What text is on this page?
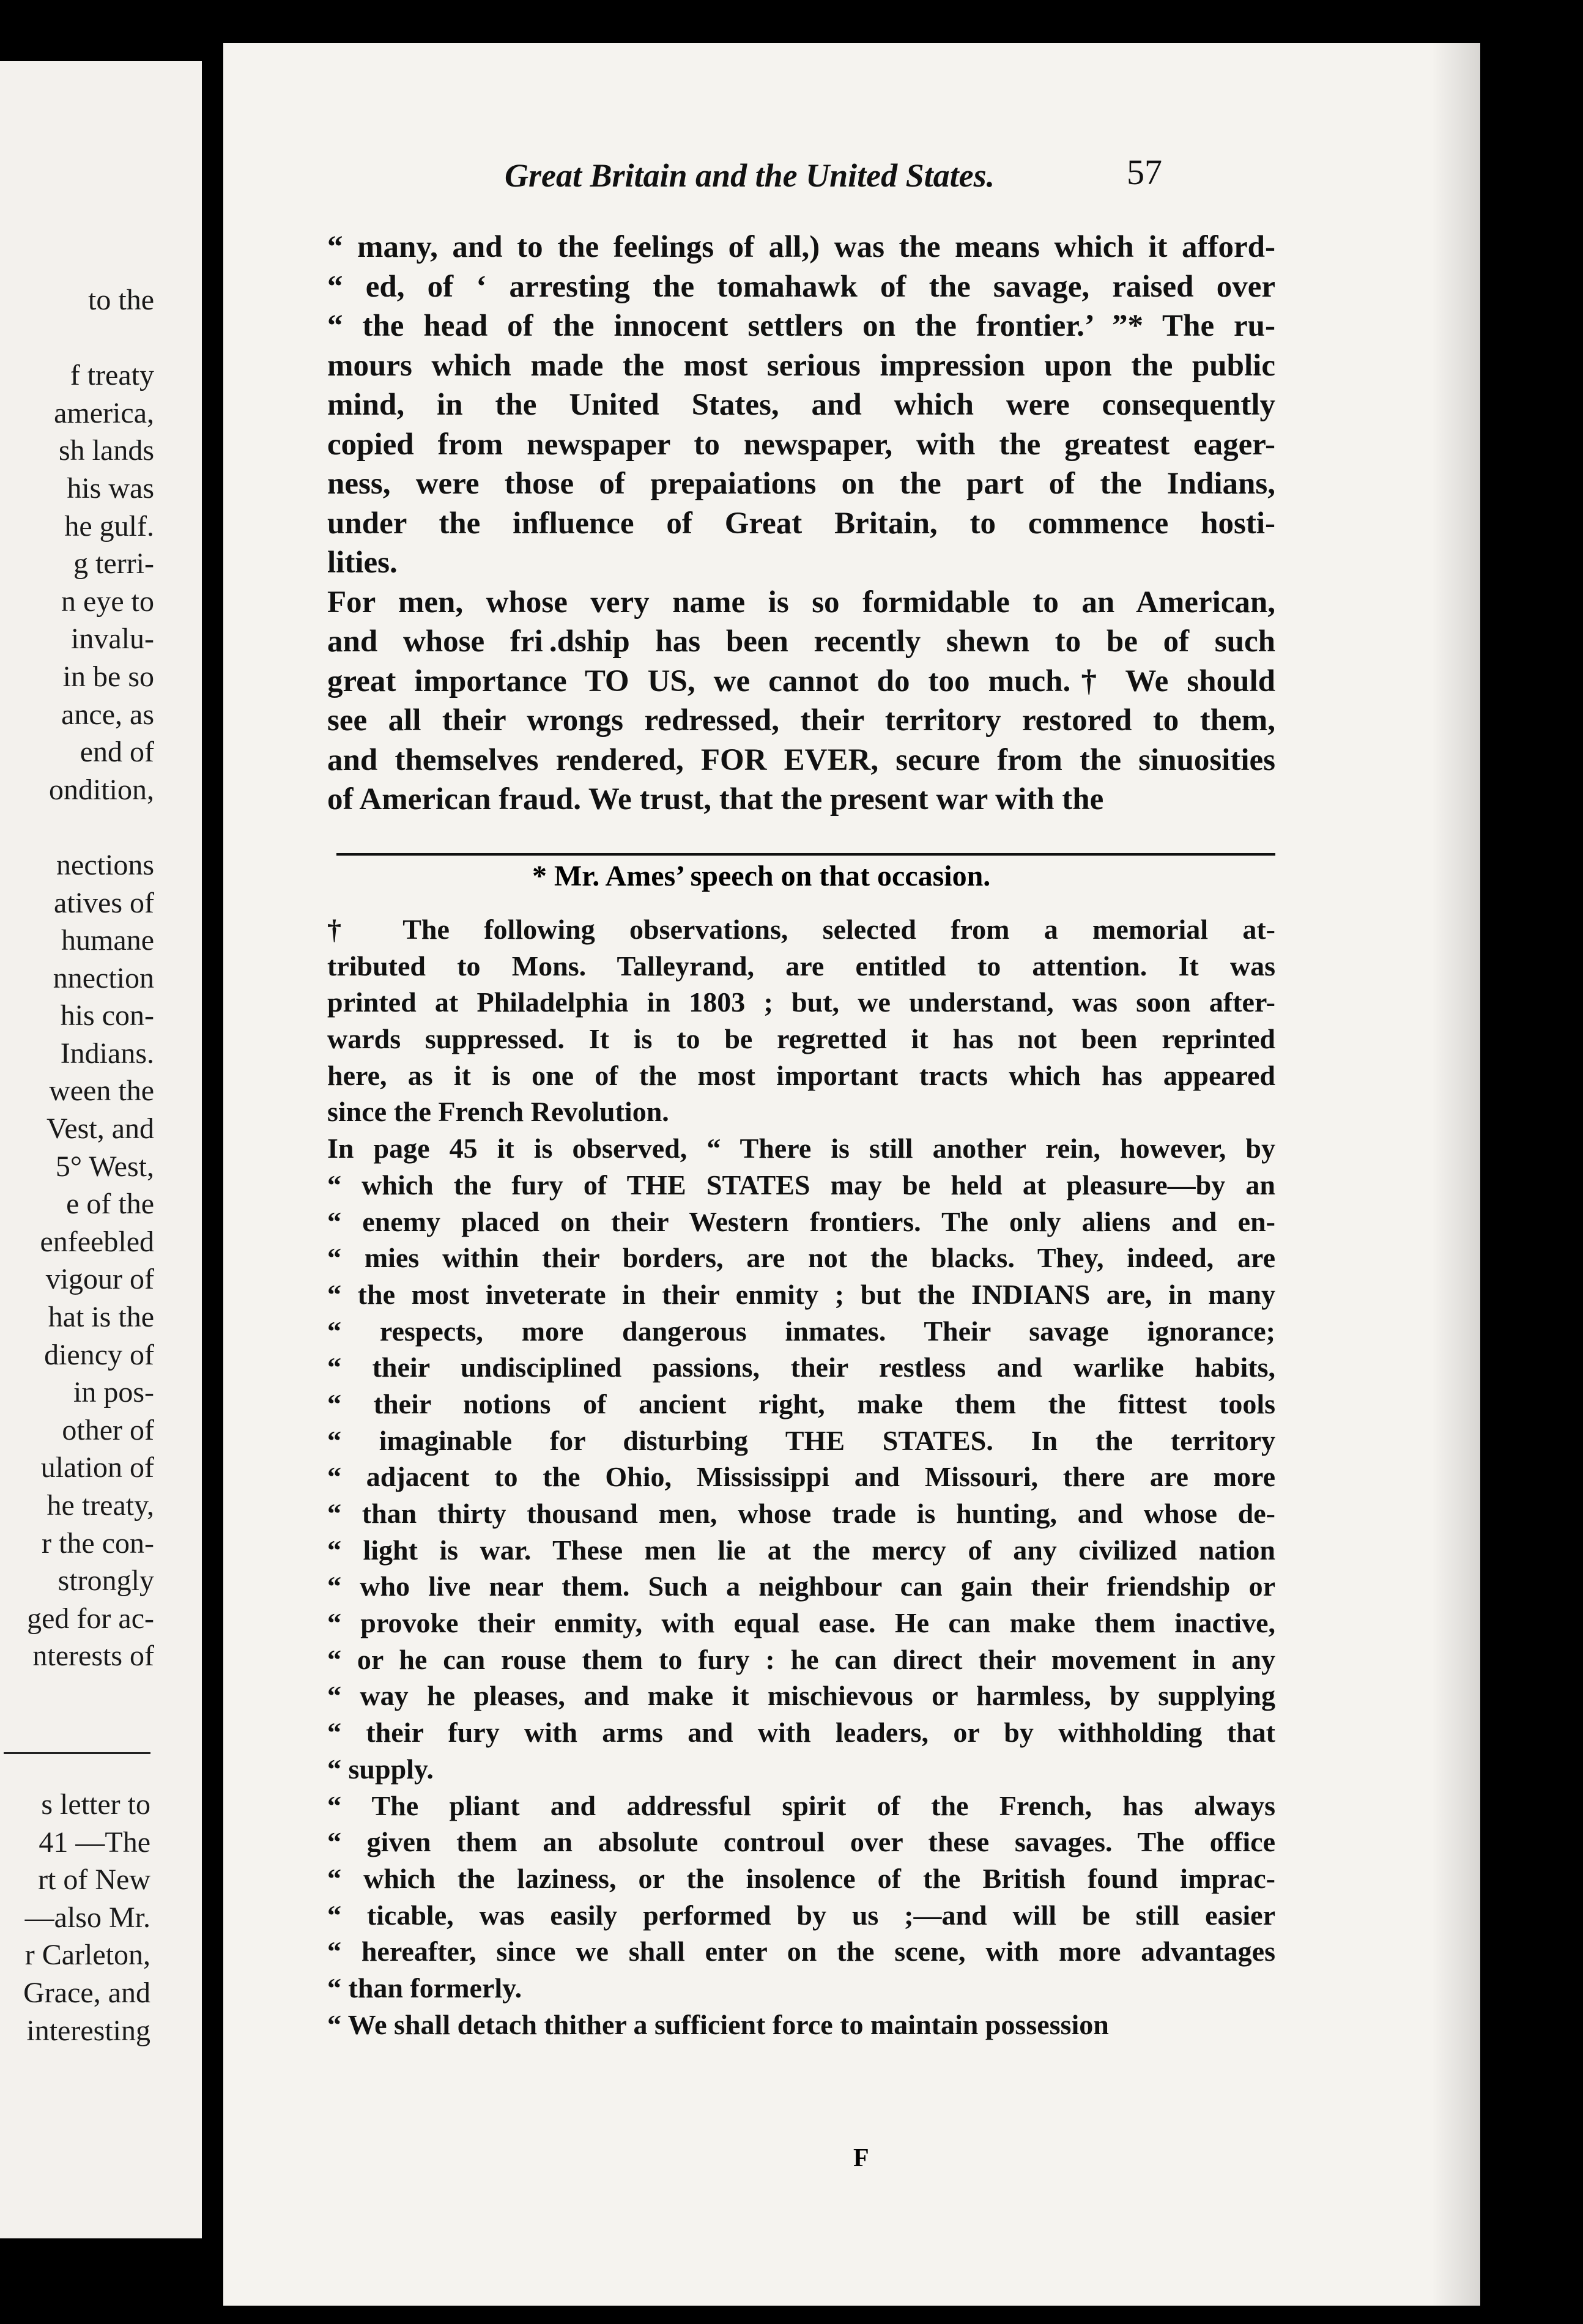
to the
f treaty
america,
sh lands
his was
he gulf.
g terri-
n eye to
invalu-
in be so
ance, as
end of
ondition,
nections
atives of
humane
nnection
his con-
Indians.
ween the
Vest, and
5° West,
e of the
enfeebled
vigour of
hat is the
diency of
in pos-
other of
ulation of
he treaty,
r the con-
strongly
ged for ac-
nterests of
s letter to
41 —The
rt of New
—also Mr.
r Carleton,
Grace, and
interesting
Great Britain and the United States.	57
“ many, and to the feelings of all,) was the means which it afford-
“ ed, of ‘ arresting the tomahawk of the savage, raised over
“ the head of the innocent settlers on the frontier.’ ”* The ru-
mours which made the most serious impression upon the public
mind, in the United States, and which were consequently
copied from newspaper to newspaper, with the greatest eager-
ness, were those of prepaiations on the part of the Indians,
under the influence of Great Britain, to commence hosti-
lities.
For men, whose very name is so formidable to an American,
and whose fri .dship has been recently shewn to be of such
great importance TO US, we cannot do too much.† We should
see all their wrongs redressed, their territory restored to them,
and themselves rendered, FOR EVER, secure from the sinuosities
of American fraud. We trust, that the present war with the
* Mr. Ames’ speech on that occasion.
† The following observations, selected from a memorial at-
tributed to Mons. Talleyrand, are entitled to attention. It was
printed at Philadelphia in 1803 ; but, we understand, was soon after-
wards suppressed. It is to be regretted it has not been reprinted
here, as it is one of the most important tracts which has appeared
since the French Revolution.
In page 45 it is observed, “ There is still another rein, however, by
“ which the fury of THE STATES may be held at pleasure—by an
“ enemy placed on their Western frontiers. The only aliens and en-
“ mies within their borders, are not the blacks. They, indeed, are
“ the most inveterate in their enmity ; but the INDIANS are, in many
“ respects, more dangerous inmates. Their savage ignorance;
“ their undisciplined passions, their restless and warlike habits,
“ their notions of ancient right, make them the fittest tools
“ imaginable for disturbing THE STATES. In the territory
“ adjacent to the Ohio, Mississippi and Missouri, there are more
“ than thirty thousand men, whose trade is hunting, and whose de-
“ light is war. These men lie at the mercy of any civilized nation
“ who live near them. Such a neighbour can gain their friendship or
“ provoke their enmity, with equal ease. He can make them inactive,
“ or he can rouse them to fury : he can direct their movement in any
“ way he pleases, and make it mischievous or harmless, by supplying
“ their fury with arms and with leaders, or by withholding that
“ supply.
“ The pliant and addressful spirit of the French, has always
“ given them an absolute controul over these savages. The office
“ which the laziness, or the insolence of the British found imprac-
“ ticable, was easily performed by us ;—and will be still easier
“ hereafter, since we shall enter on the scene, with more advantages
“ than formerly.
“ We shall detach thither a sufficient force to maintain possession
F
